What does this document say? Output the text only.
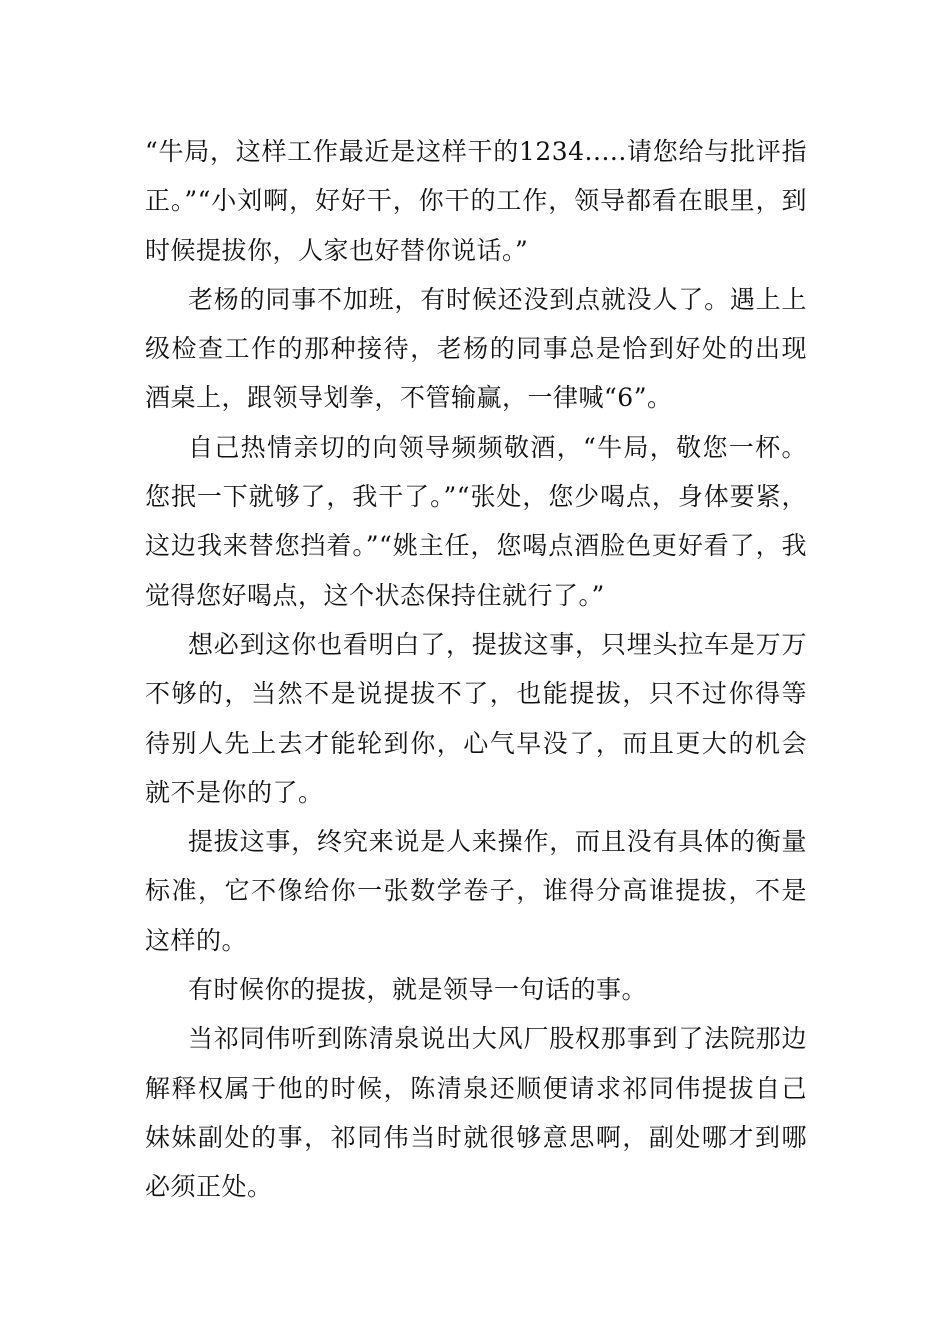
“牛局，这样工作最近是这样干的1234.....请您给与批评指正。”“小刘啊，好好干，你干的工作，领导都看在眼里，到时候提拔你，人家也好替你说话。”

老杨的同事不加班，有时候还没到点就没人了。遇上上级检查工作的那种接待，老杨的同事总是恰到好处的出现酒桌上，跟领导划拳，不管输赢，一律喊“6”。

自己热情亲切的向领导频频敬酒，“牛局，敬您一杯。您抿一下就够了，我干了。”“张处，您少喝点，身体要紧，这边我来替您挡着。”“姚主任，您喝点酒脸色更好看了，我觉得您好喝点，这个状态保持住就行了。”

想必到这你也看明白了，提拔这事，只埋头拉车是万万不够的，当然不是说提拔不了，也能提拔，只不过你得等待别人先上去才能轮到你，心气早没了，而且更大的机会就不是你的了。

提拔这事，终究来说是人来操作，而且没有具体的衡量标准，它不像给你一张数学卷子，谁得分高谁提拔，不是这样的。

有时候你的提拔，就是领导一句话的事。

当祁同伟听到陈清泉说出大风厂股权那事到了法院那边解释权属于他的时候，陈清泉还顺便请求祁同伟提拔自己妹妹副处的事，祁同伟当时就很够意思啊，副处哪才到哪必须正处。
